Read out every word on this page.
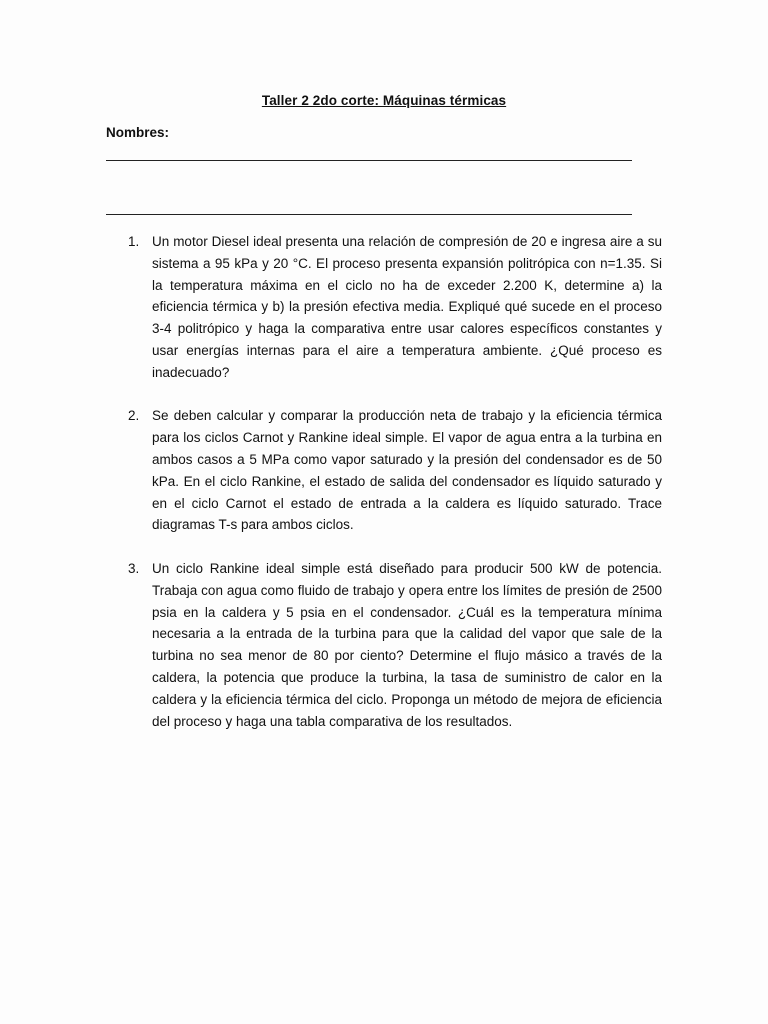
Taller 2 2do corte: Máquinas térmicas
Nombres:
1. Un motor Diesel ideal presenta una relación de compresión de 20 e ingresa aire a su sistema a 95 kPa y 20 °C. El proceso presenta expansión politrópica con n=1.35. Si la temperatura máxima en el ciclo no ha de exceder 2.200 K, determine a) la eficiencia térmica y b) la presión efectiva media. Expliqué qué sucede en el proceso 3-4 politrópico y haga la comparativa entre usar calores específicos constantes y usar energías internas para el aire a temperatura ambiente. ¿Qué proceso es inadecuado?
2. Se deben calcular y comparar la producción neta de trabajo y la eficiencia térmica para los ciclos Carnot y Rankine ideal simple. El vapor de agua entra a la turbina en ambos casos a 5 MPa como vapor saturado y la presión del condensador es de 50 kPa. En el ciclo Rankine, el estado de salida del condensador es líquido saturado y en el ciclo Carnot el estado de entrada a la caldera es líquido saturado. Trace diagramas T-s para ambos ciclos.
3. Un ciclo Rankine ideal simple está diseñado para producir 500 kW de potencia. Trabaja con agua como fluido de trabajo y opera entre los límites de presión de 2500 psia en la caldera y 5 psia en el condensador. ¿Cuál es la temperatura mínima necesaria a la entrada de la turbina para que la calidad del vapor que sale de la turbina no sea menor de 80 por ciento? Determine el flujo másico a través de la caldera, la potencia que produce la turbina, la tasa de suministro de calor en la caldera y la eficiencia térmica del ciclo. Proponga un método de mejora de eficiencia del proceso y haga una tabla comparativa de los resultados.
